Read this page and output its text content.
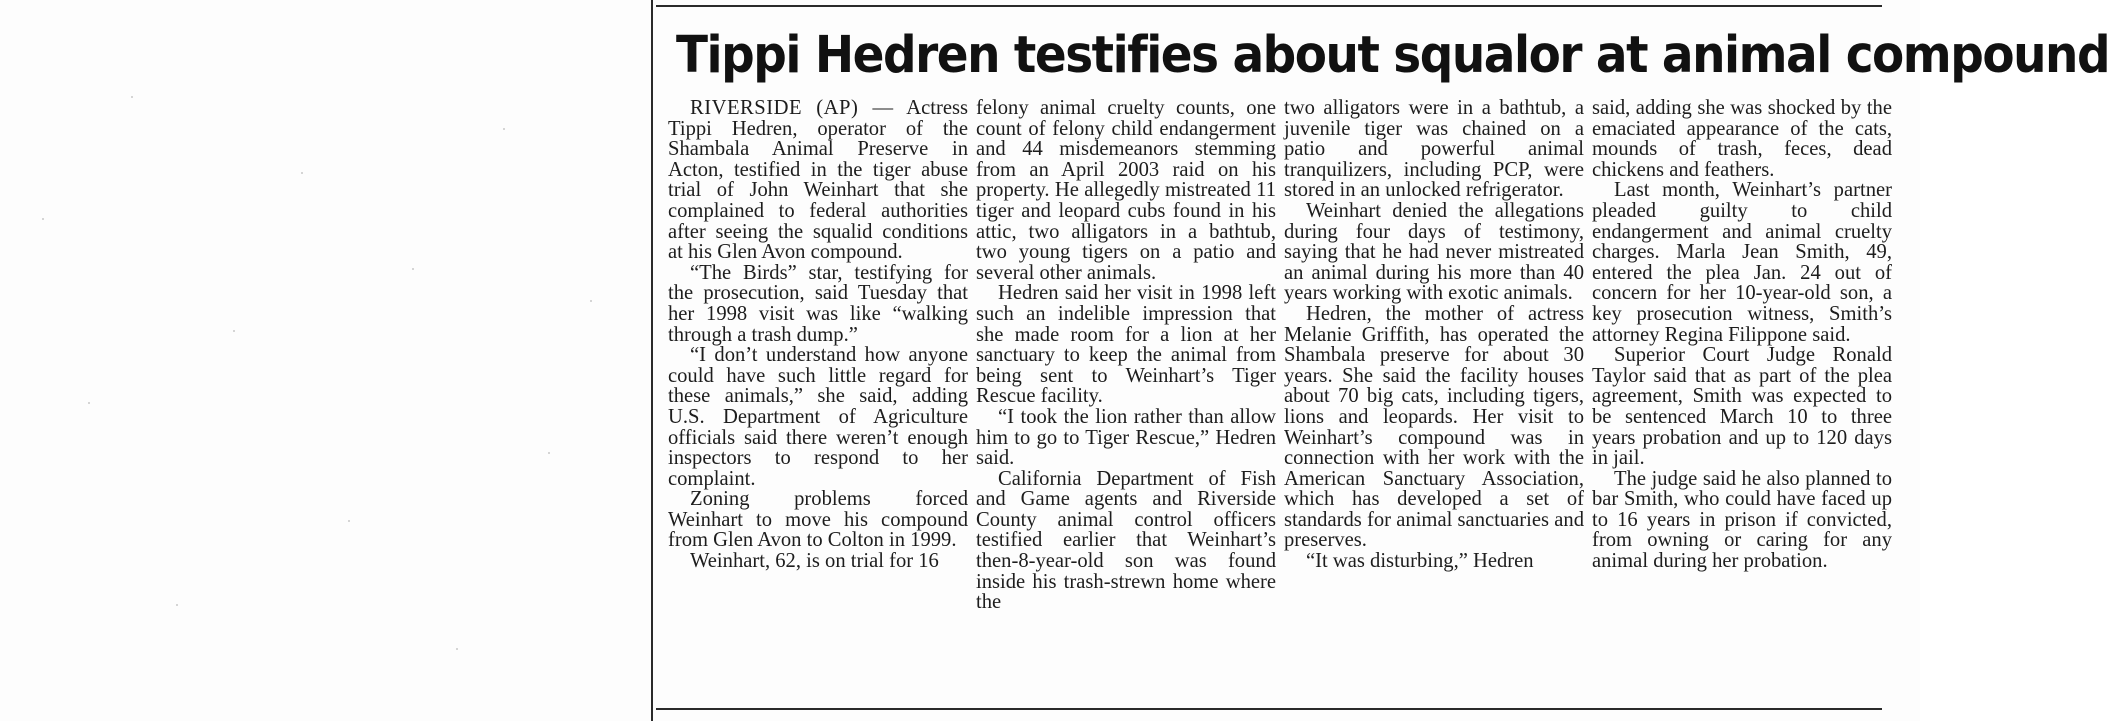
Tippi Hedren testifies about squalor at animal compound

RIVERSIDE (AP) — Actress Tippi Hedren, operator of the Shambala Animal Preserve in Acton, testified in the tiger abuse trial of John Weinhart that she complained to federal authorities after seeing the squalid conditions at his Glen Avon compound.

“The Birds” star, testifying for the prosecution, said Tuesday that her 1998 visit was like “walking through a trash dump.”

“I don’t understand how anyone could have such little regard for these animals,” she said, adding U.S. Department of Agriculture officials said there weren’t enough inspectors to respond to her complaint.

Zoning problems forced Weinhart to move his compound from Glen Avon to Colton in 1999.

Weinhart, 62, is on trial for 16

felony animal cruelty counts, one count of felony child endangerment and 44 misdemeanors stemming from an April 2003 raid on his property. He allegedly mistreated 11 tiger and leopard cubs found in his attic, two alligators in a bathtub, two young tigers on a patio and several other animals.

Hedren said her visit in 1998 left such an indelible impression that she made room for a lion at her sanctuary to keep the animal from being sent to Weinhart’s Tiger Rescue facility.

“I took the lion rather than allow him to go to Tiger Rescue,” Hedren said.

California Department of Fish and Game agents and Riverside County animal control officers testified earlier that Weinhart’s then-8-year-old son was found inside his trash-strewn home where the

two alligators were in a bathtub, a juvenile tiger was chained on a patio and powerful animal tranquilizers, including PCP, were stored in an unlocked refrigerator.

Weinhart denied the allegations during four days of testimony, saying that he had never mistreated an animal during his more than 40 years working with exotic animals.

Hedren, the mother of actress Melanie Griffith, has operated the Shambala preserve for about 30 years. She said the facility houses about 70 big cats, including tigers, lions and leopards. Her visit to Weinhart’s compound was in connection with her work with the American Sanctuary Association, which has developed a set of standards for animal sanctuaries and preserves.

“It was disturbing,” Hedren

said, adding she was shocked by the emaciated appearance of the cats, mounds of trash, feces, dead chickens and feathers.

Last month, Weinhart’s partner pleaded guilty to child endangerment and animal cruelty charges. Marla Jean Smith, 49, entered the plea Jan. 24 out of concern for her 10-year-old son, a key prosecution witness, Smith’s attorney Regina Filippone said.

Superior Court Judge Ronald Taylor said that as part of the plea agreement, Smith was expected to be sentenced March 10 to three years probation and up to 120 days in jail.

The judge said he also planned to bar Smith, who could have faced up to 16 years in prison if convicted, from owning or caring for any animal during her probation.
